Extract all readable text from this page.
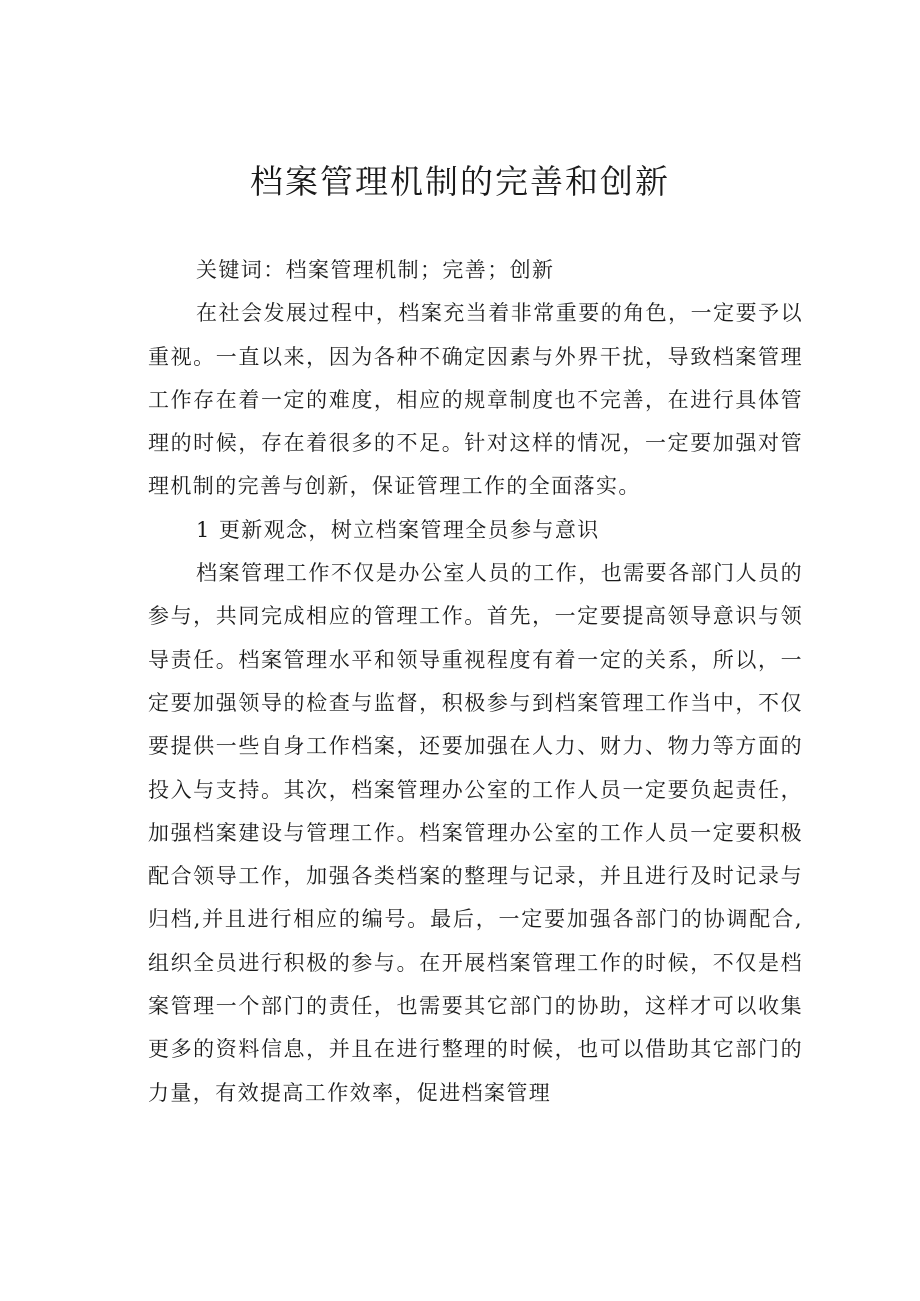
档案管理机制的完善和创新

关键词：档案管理机制；完善；创新

在社会发展过程中，档案充当着非常重要的角色，一定要予以重视。一直以来，因为各种不确定因素与外界干扰，导致档案管理工作存在着一定的难度，相应的规章制度也不完善，在进行具体管理的时候，存在着很多的不足。针对这样的情况，一定要加强对管理机制的完善与创新，保证管理工作的全面落实。

1 更新观念，树立档案管理全员参与意识

档案管理工作不仅是办公室人员的工作，也需要各部门人员的参与，共同完成相应的管理工作。首先，一定要提高领导意识与领导责任。档案管理水平和领导重视程度有着一定的关系，所以，一定要加强领导的检查与监督，积极参与到档案管理工作当中，不仅要提供一些自身工作档案，还要加强在人力、财力、物力等方面的投入与支持。其次，档案管理办公室的工作人员一定要负起责任，加强档案建设与管理工作。档案管理办公室的工作人员一定要积极配合领导工作，加强各类档案的整理与记录，并且进行及时记录与归档,并且进行相应的编号。最后，一定要加强各部门的协调配合,组织全员进行积极的参与。在开展档案管理工作的时候，不仅是档案管理一个部门的责任，也需要其它部门的协助，这样才可以收集更多的资料信息，并且在进行整理的时候，也可以借助其它部门的力量，有效提高工作效率，促进档案管理
